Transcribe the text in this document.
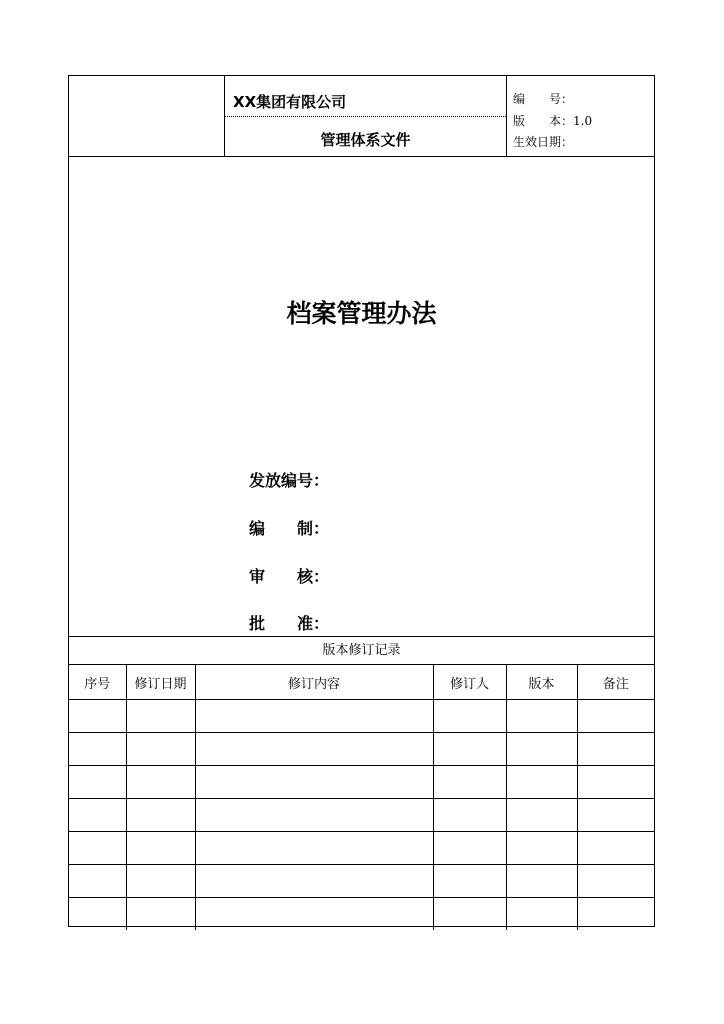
XX集团有限公司
管理体系文件
编　　号：
版　　本：1.0
生效日期：
档案管理办法
发放编号：
编　　制：
审　　核：
批　　准：
版本修订记录
序号	修订日期	修订内容	修订人	版本	备注
